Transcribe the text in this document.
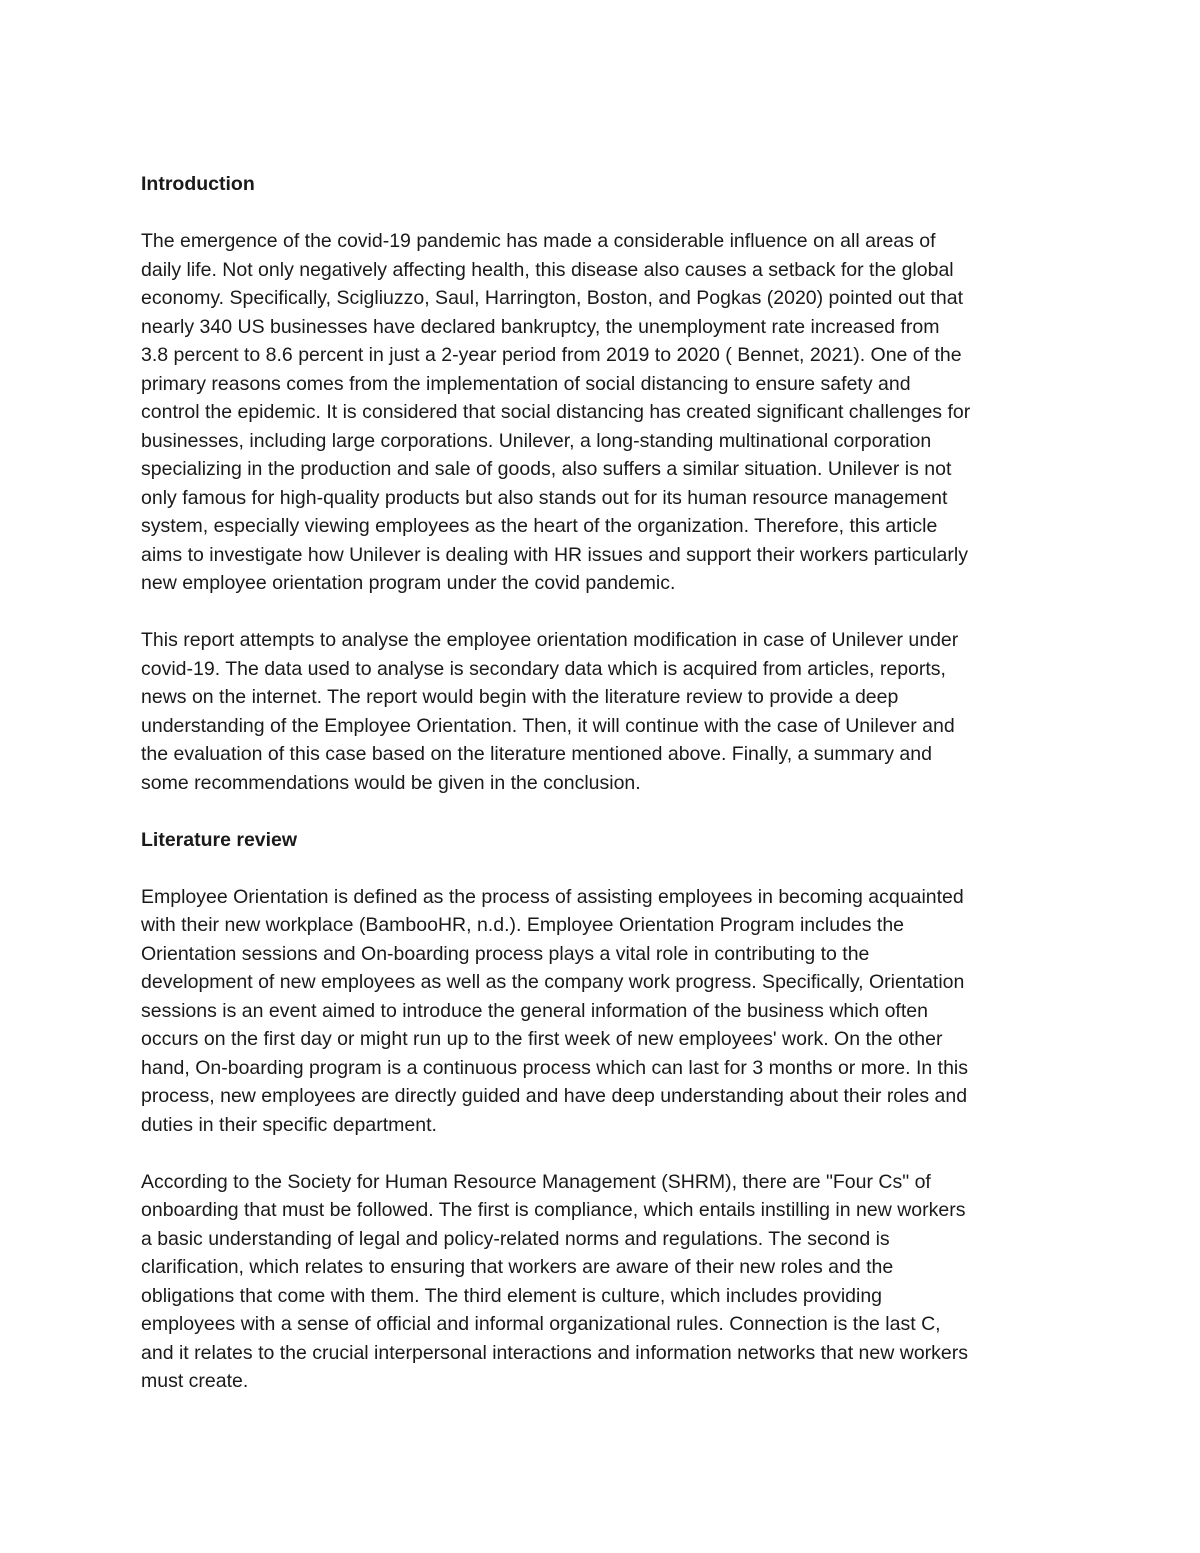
Introduction
The emergence of the covid-19 pandemic has made a considerable influence on all areas of
daily life. Not only negatively affecting health, this disease also causes a setback for the global
economy. Specifically, Scigliuzzo, Saul, Harrington, Boston, and Pogkas (2020) pointed out that
nearly 340 US businesses have declared bankruptcy, the unemployment rate increased from
3.8 percent to 8.6 percent in just a 2-year period from 2019 to 2020 ( Bennet, 2021). One of the
primary reasons comes from the implementation of social distancing to ensure safety and
control the epidemic. It is considered that social distancing has created significant challenges for
businesses, including large corporations. Unilever, a long-standing multinational corporation
specializing in the production and sale of goods, also suffers a similar situation. Unilever is not
only famous for high-quality products but also stands out for its human resource management
system, especially viewing employees as the heart of the organization. Therefore, this article
aims to investigate how Unilever is dealing with HR issues and support their workers particularly
new employee orientation program under the covid pandemic.
This report attempts to analyse the employee orientation modification in case of Unilever under
covid-19. The data used to analyse is secondary data which is acquired from articles, reports,
news on the internet. The report would begin with the literature review to provide a deep
understanding of the Employee Orientation. Then, it will continue with the case of Unilever and
the evaluation of this case based on the literature mentioned above. Finally, a summary and
some recommendations would be given in the conclusion.
Literature review
Employee Orientation is defined as the process of assisting employees in becoming acquainted
with their new workplace (BambooHR, n.d.). Employee Orientation Program includes the
Orientation sessions and On-boarding process plays a vital role in contributing to the
development of new employees as well as the company work progress. Specifically, Orientation
sessions is an event aimed to introduce the general information of the business which often
occurs on the first day or might run up to the first week of new employees' work. On the other
hand, On-boarding program is a continuous process which can last for 3 months or more. In this
process, new employees are directly guided and have deep understanding about their roles and
duties in their specific department.
According to the Society for Human Resource Management (SHRM), there are "Four Cs" of
onboarding that must be followed. The first is compliance, which entails instilling in new workers
a basic understanding of legal and policy-related norms and regulations. The second is
clarification, which relates to ensuring that workers are aware of their new roles and the
obligations that come with them. The third element is culture, which includes providing
employees with a sense of official and informal organizational rules. Connection is the last C,
and it relates to the crucial interpersonal interactions and information networks that new workers
must create.
